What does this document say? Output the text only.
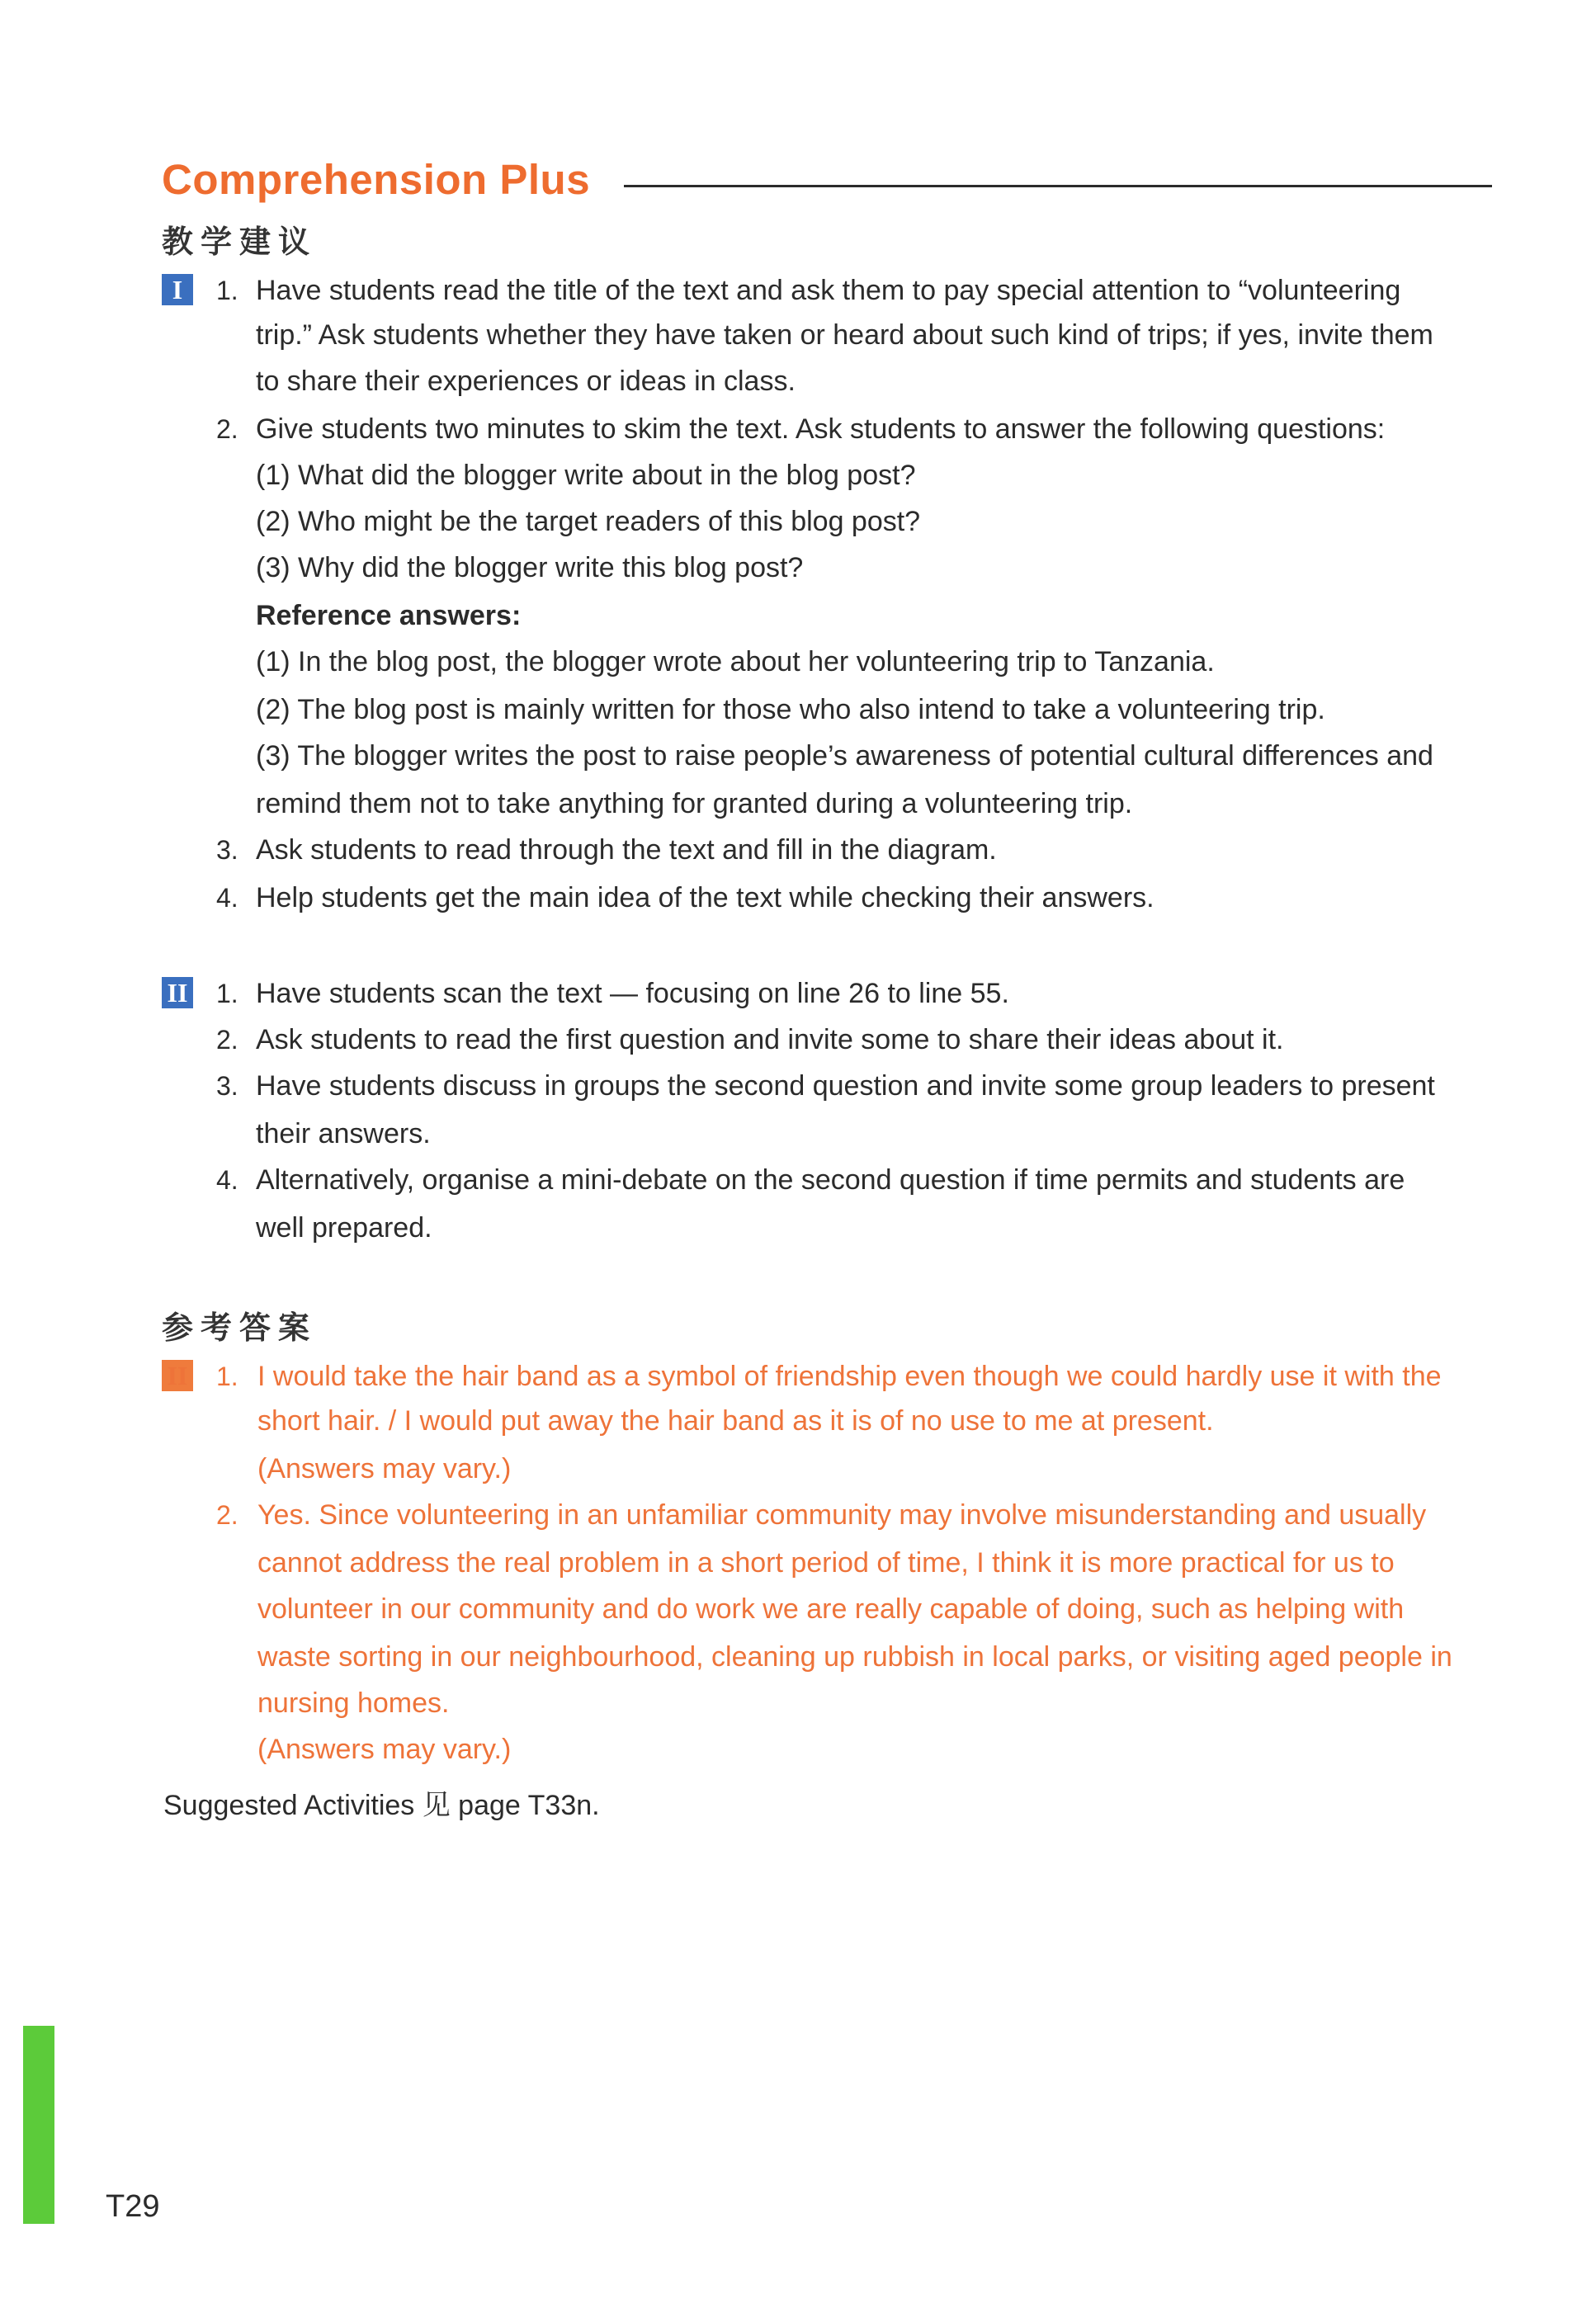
Comprehension Plus
教学建议
I	1. Have students read the title of the text and ask them to pay special attention to “volunteering
trip.” Ask students whether they have taken or heard about such kind of trips; if yes, invite them
to share their experiences or ideas in class.
2. Give students two minutes to skim the text. Ask students to answer the following questions:
(1) What did the blogger write about in the blog post?
(2) Who might be the target readers of this blog post?
(3) Why did the blogger write this blog post?
Reference answers:
(1) In the blog post, the blogger wrote about her volunteering trip to Tanzania.
(2) The blog post is mainly written for those who also intend to take a volunteering trip.
(3) The blogger writes the post to raise people’s awareness of potential cultural differences and
remind them not to take anything for granted during a volunteering trip.
3. Ask students to read through the text and fill in the diagram.
4. Help students get the main idea of the text while checking their answers.
II 1. Have students scan the text — focusing on line 26 to line 55.
2. Ask students to read the first question and invite some to share their ideas about it.
3. Have students discuss in groups the second question and invite some group leaders to present
their answers.
4. Alternatively, organise a mini-debate on the second question if time permits and students are
well prepared.
参考答案
II 1. I would take the hair band as a symbol of friendship even though we could hardly use it with the
short hair. / I would put away the hair band as it is of no use to me at present.
(Answers may vary.)
2. Yes. Since volunteering in an unfamiliar community may involve misunderstanding and usually
cannot address the real problem in a short period of time, I think it is more practical for us to
volunteer in our community and do work we are really capable of doing, such as helping with
waste sorting in our neighbourhood, cleaning up rubbish in local parks, or visiting aged people in
nursing homes.
(Answers may vary.)
Suggested Activities 见 page T33n.
T29
